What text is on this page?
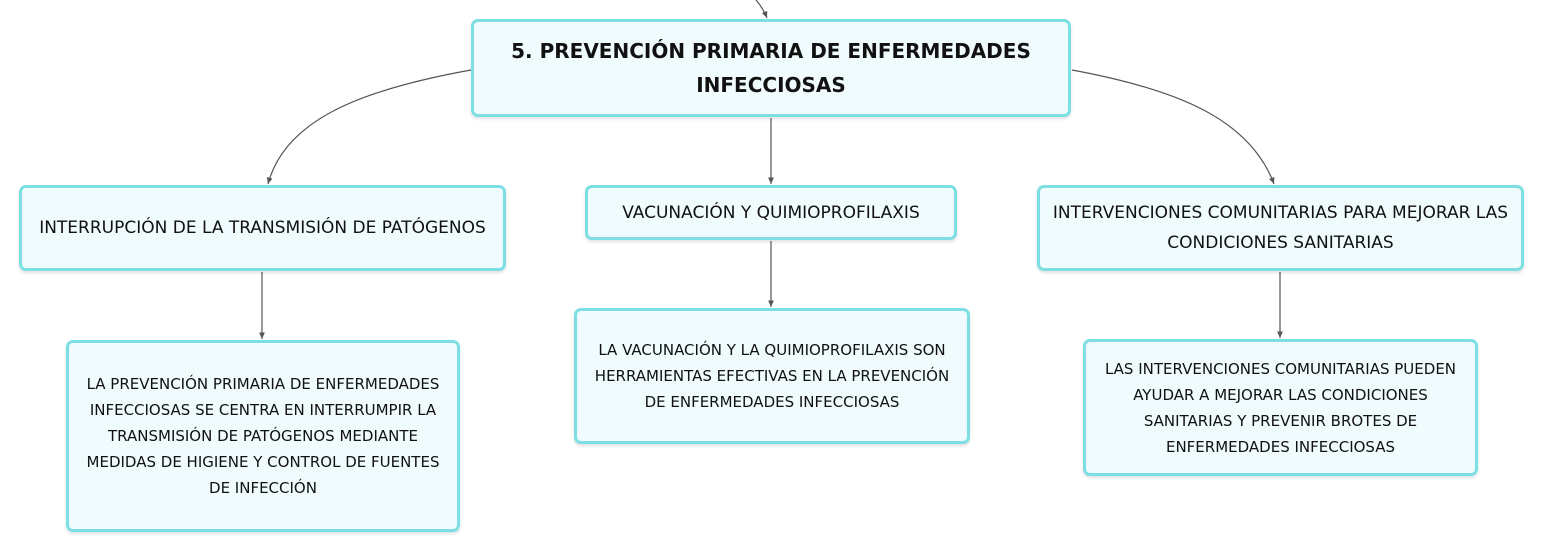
5. PREVENCIÓN PRIMARIA DE ENFERMEDADES INFECCIOSAS
INTERRUPCIÓN DE LA TRANSMISIÓN DE PATÓGENOS
VACUNACIÓN Y QUIMIOPROFILAXIS	INTERVENCIONES COMUNITARIAS PARA MEJORAR LAS CONDICIONES SANITARIAS
LA PREVENCIÓN PRIMARIA DE ENFERMEDADES INFECCIOSAS SE CENTRA EN INTERRUMPIR LA TRANSMISIÓN DE PATÓGENOS MEDIANTE MEDIDAS DE HIGIENE Y CONTROL DE FUENTES DE INFECCIÓN
LA VACUNACIÓN Y LA QUIMIOPROFILAXIS SON HERRAMIENTAS EFECTIVAS EN LA PREVENCIÓN DE ENFERMEDADES INFECCIOSAS
LAS INTERVENCIONES COMUNITARIAS PUEDEN AYUDAR A MEJORAR LAS CONDICIONES SANITARIAS Y PREVENIR BROTES DE ENFERMEDADES INFECCIOSAS
